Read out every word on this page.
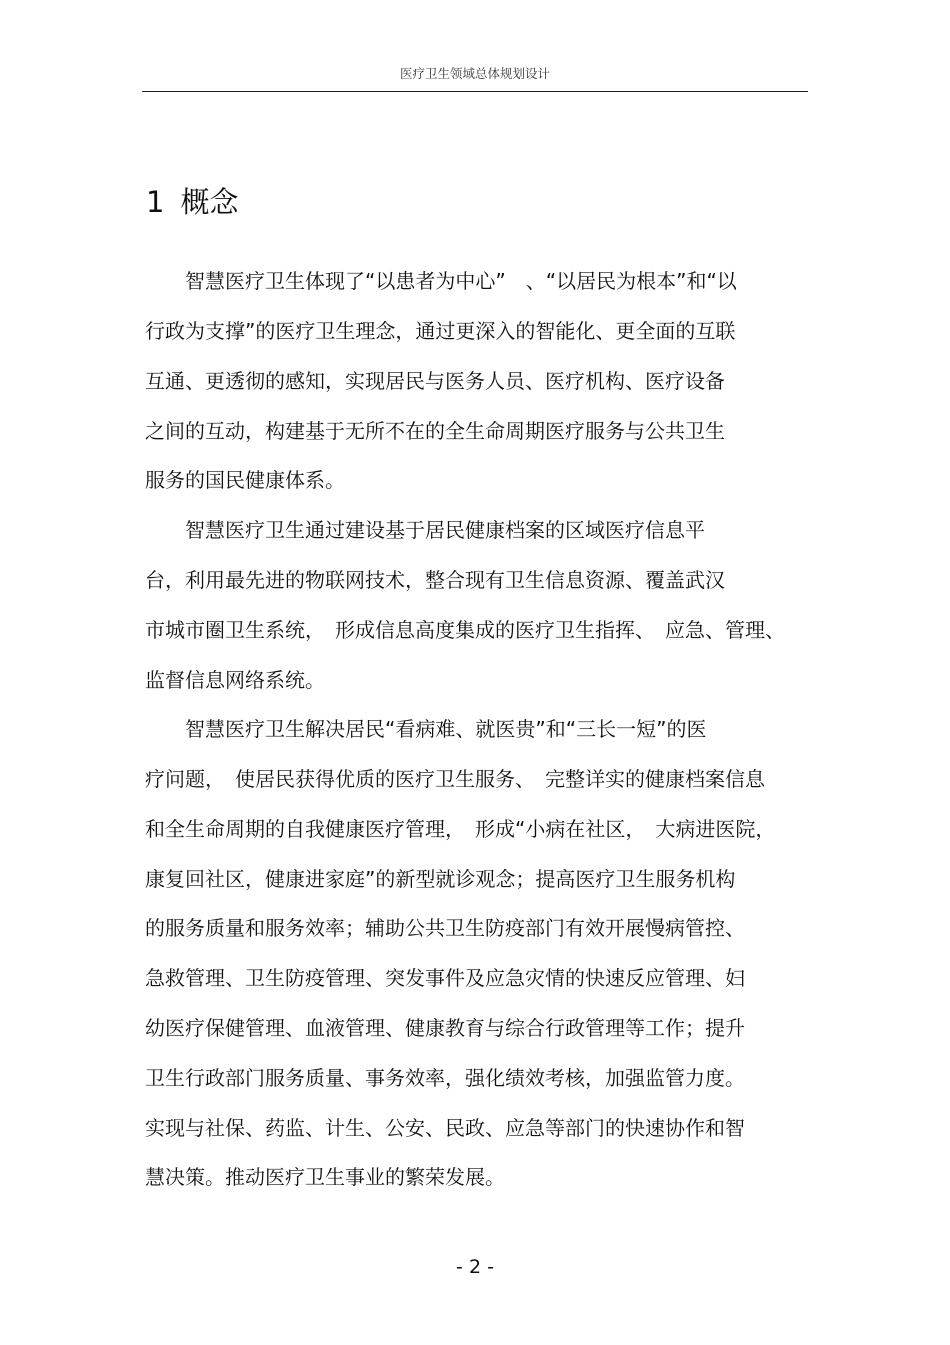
医疗卫生领域总体规划设计
1 概念
　　智慧医疗卫生体现了“以患者为中心”　、“以居民为根本”和“以
行政为支撑”的医疗卫生理念，通过更深入的智能化、更全面的互联
互通、更透彻的感知，实现居民与医务人员、医疗机构、医疗设备
之间的互动，构建基于无所不在的全生命周期医疗服务与公共卫生
服务的国民健康体系。
　　智慧医疗卫生通过建设基于居民健康档案的区域医疗信息平
台，利用最先进的物联网技术，整合现有卫生信息资源、覆盖武汉
市城市圈卫生系统，　形成信息高度集成的医疗卫生指挥、　应急、管理、
监督信息网络系统。
　　智慧医疗卫生解决居民“看病难、就医贵”和“三长一短”的医
疗问题，　使居民获得优质的医疗卫生服务、　完整详实的健康档案信息
和全生命周期的自我健康医疗管理，　形成“小病在社区，　大病进医院，
康复回社区，健康进家庭”的新型就诊观念；提高医疗卫生服务机构
的服务质量和服务效率；辅助公共卫生防疫部门有效开展慢病管控、
急救管理、卫生防疫管理、突发事件及应急灾情的快速反应管理、妇
幼医疗保健管理、血液管理、健康教育与综合行政管理等工作；提升
卫生行政部门服务质量、事务效率，强化绩效考核，加强监管力度。
实现与社保、药监、计生、公安、民政、应急等部门的快速协作和智
慧决策。推动医疗卫生事业的繁荣发展。
- 2 -
